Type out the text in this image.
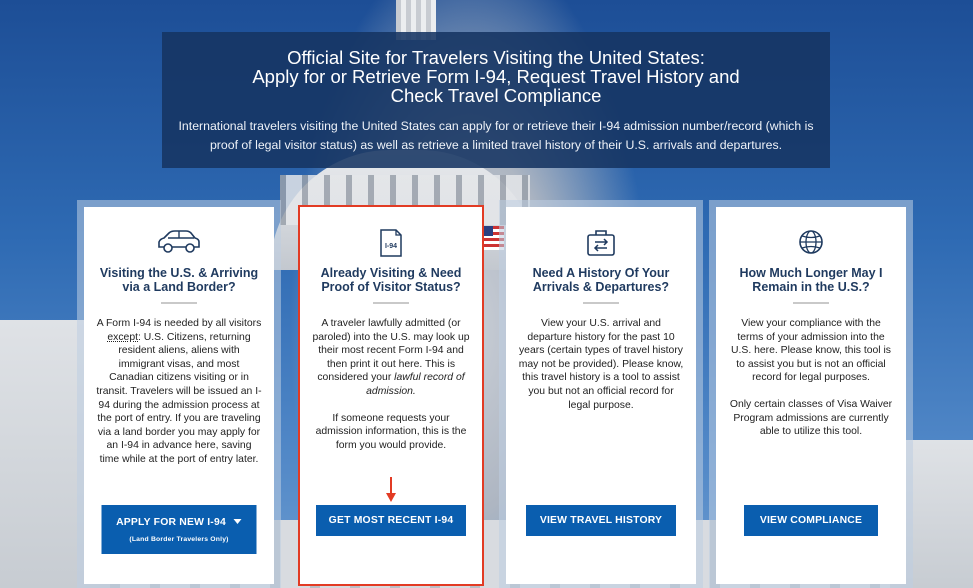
Official Site for Travelers Visiting the United States:
Apply for or Retrieve Form I-94, Request Travel History and
Check Travel Compliance

International travelers visiting the United States can apply for or retrieve their I-94 admission number/record (which is proof of legal visitor status) as well as retrieve a limited travel history of their U.S. arrivals and departures.

Visiting the U.S. & Arriving via a Land Border?

A Form I-94 is needed by all visitors except: U.S. Citizens, returning resident aliens, aliens with immigrant visas, and most Canadian citizens visiting or in transit. Travelers will be issued an I-94 during the admission process at the port of entry. If you are traveling via a land border you may apply for an I-94 in advance here, saving time while at the port of entry later.

APPLY FOR NEW I-94
(Land Border Travelers Only)
I-94
Already Visiting & Need Proof of Visitor Status?

A traveler lawfully admitted (or paroled) into the U.S. may look up their most recent Form I-94 and then print it out here. This is considered your lawful record of admission.

If someone requests your admission information, this is the form you would provide.

GET MOST RECENT I-94
Need A History Of Your Arrivals & Departures?

View your U.S. arrival and departure history for the past 10 years (certain types of travel history may not be provided). Please know, this travel history is a tool to assist you but not an official record for legal purpose.

VIEW TRAVEL HISTORY
How Much Longer May I Remain in the U.S.?

View your compliance with the terms of your admission into the U.S. here. Please know, this tool is to assist you but is not an official record for legal purposes.

Only certain classes of Visa Waiver Program admissions are currently able to utilize this tool.

VIEW COMPLIANCE
